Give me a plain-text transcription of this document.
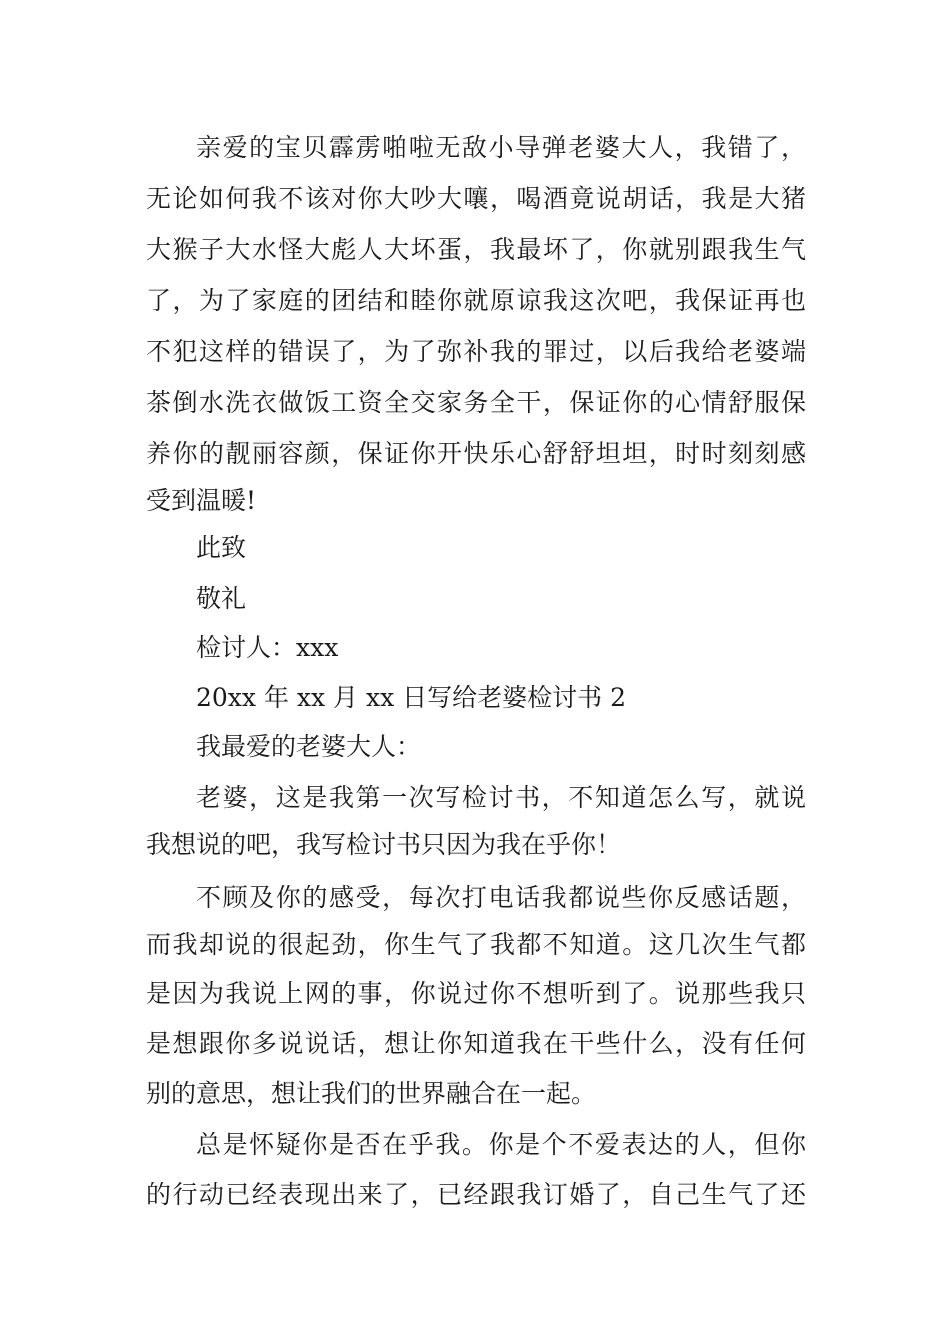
亲爱的宝贝霹雳啪啦无敌小导弹老婆大人，我错了，
无论如何我不该对你大吵大嚷，喝酒竟说胡话，我是大猪
大猴子大水怪大彪人大坏蛋，我最坏了，你就别跟我生气
了，为了家庭的团结和睦你就原谅我这次吧，我保证再也
不犯这样的错误了，为了弥补我的罪过，以后我给老婆端
茶倒水洗衣做饭工资全交家务全干，保证你的心情舒服保
养你的靓丽容颜，保证你开快乐心舒舒坦坦，时时刻刻感
受到温暖!
此致
敬礼
检讨人：xxx
20xx 年 xx 月 xx 日写给老婆检讨书 2
我最爱的老婆大人：
老婆，这是我第一次写检讨书，不知道怎么写，就说
我想说的吧，我写检讨书只因为我在乎你！
不顾及你的感受，每次打电话我都说些你反感话题，
而我却说的很起劲，你生气了我都不知道。这几次生气都
是因为我说上网的事，你说过你不想听到了。说那些我只
是想跟你多说说话，想让你知道我在干些什么，没有任何
别的意思，想让我们的世界融合在一起。
总是怀疑你是否在乎我。你是个不爱表达的人，但你
的行动已经表现出来了，已经跟我订婚了，自己生气了还
